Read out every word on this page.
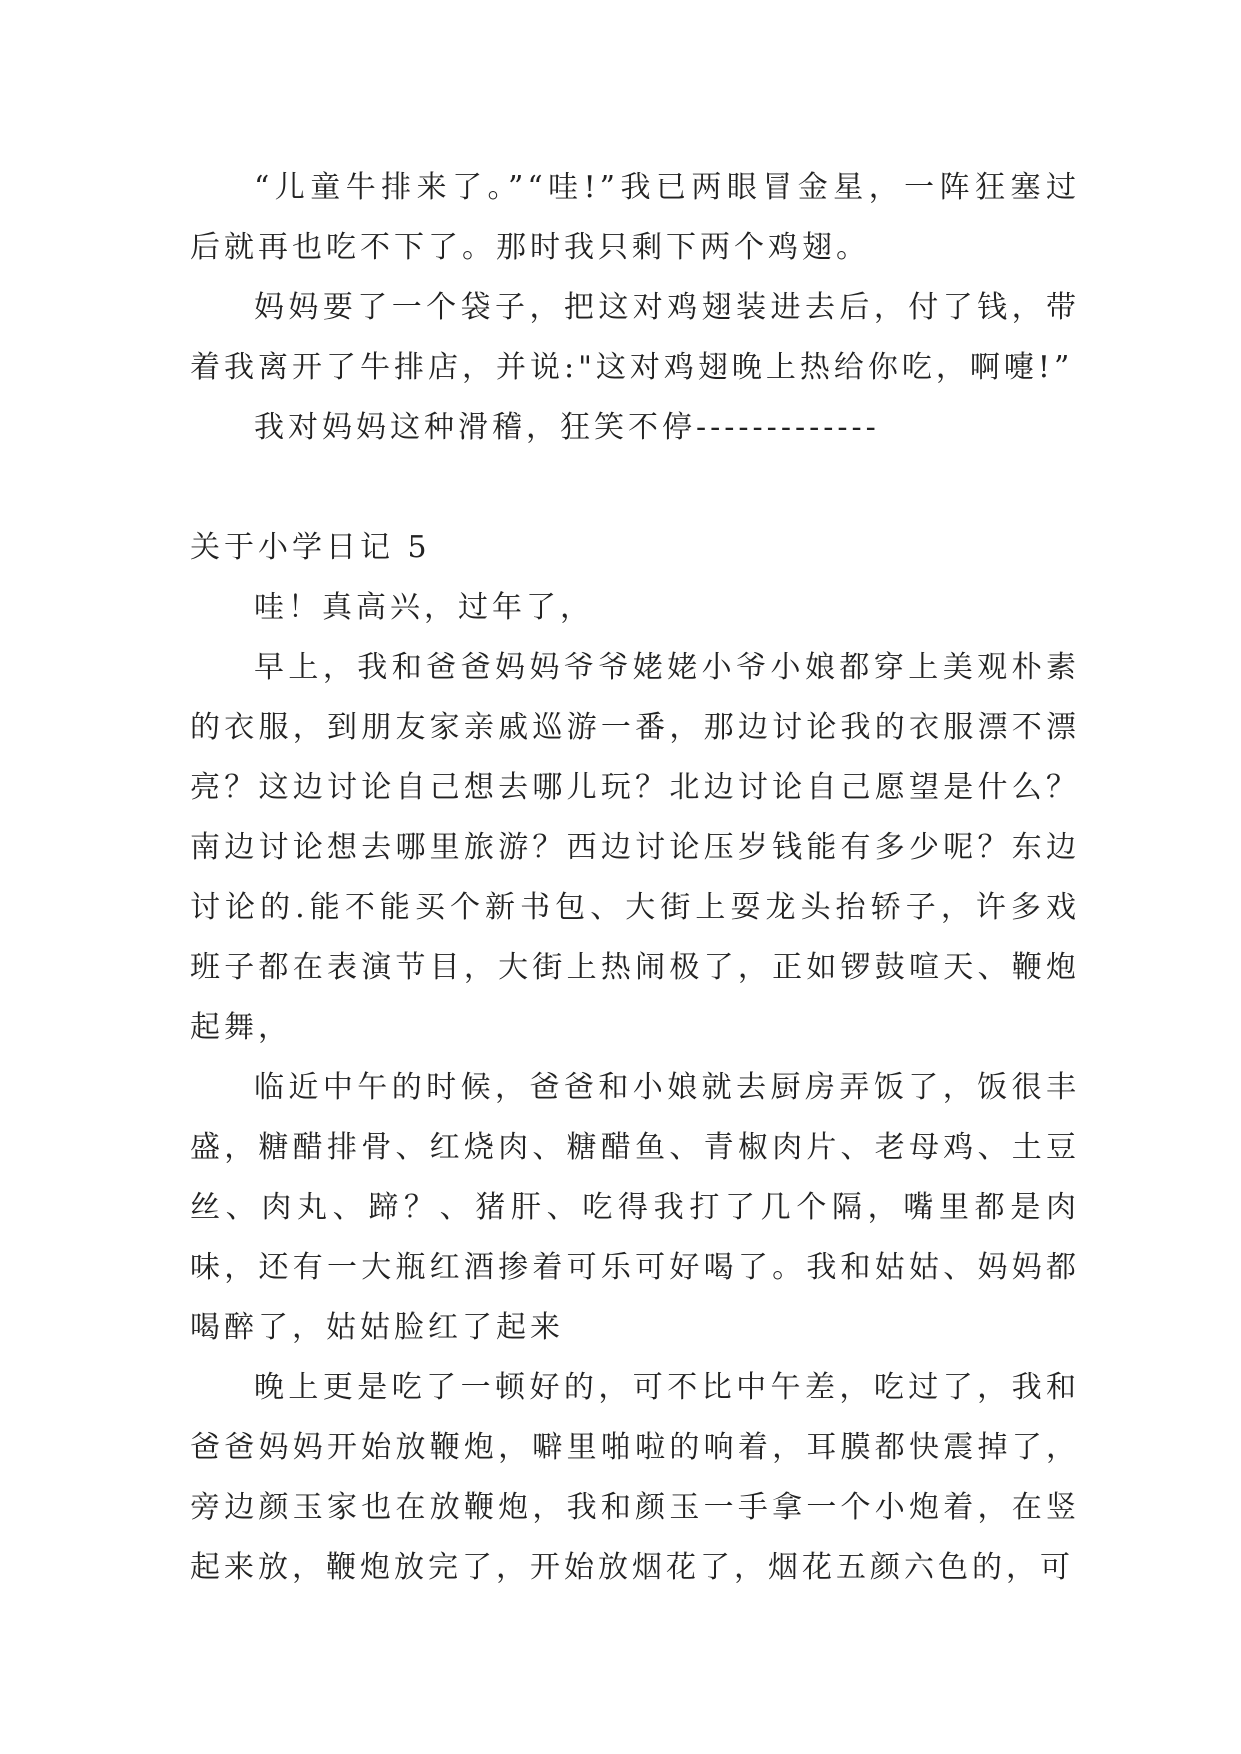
“儿童牛排来了。”“哇!”我已两眼冒金星，一阵狂塞过后就再也吃不下了。那时我只剩下两个鸡翅。

妈妈要了一个袋子，把这对鸡翅装进去后，付了钱，带着我离开了牛排店，并说:"这对鸡翅晚上热给你吃，啊嚏!”

我对妈妈这种滑稽，狂笑不停-------------

关于小学日记 5

哇！真高兴，过年了，

早上，我和爸爸妈妈爷爷姥姥小爷小娘都穿上美观朴素的衣服，到朋友家亲戚巡游一番，那边讨论我的衣服漂不漂亮？这边讨论自己想去哪儿玩？北边讨论自己愿望是什么？南边讨论想去哪里旅游？西边讨论压岁钱能有多少呢？东边讨论的.能不能买个新书包、大街上耍龙头抬轿子，许多戏班子都在表演节目，大街上热闹极了，正如锣鼓喧天、鞭炮起舞，

临近中午的时候，爸爸和小娘就去厨房弄饭了，饭很丰盛，糖醋排骨、红烧肉、糖醋鱼、青椒肉片、老母鸡、土豆丝、肉丸、蹄？、猪肝、吃得我打了几个隔，嘴里都是肉味，还有一大瓶红酒掺着可乐可好喝了。我和姑姑、妈妈都喝醉了，姑姑脸红了起来

晚上更是吃了一顿好的，可不比中午差，吃过了，我和爸爸妈妈开始放鞭炮，噼里啪啦的响着，耳膜都快震掉了，旁边颜玉家也在放鞭炮，我和颜玉一手拿一个小炮着，在竖起来放，鞭炮放完了，开始放烟花了，烟花五颜六色的，可
